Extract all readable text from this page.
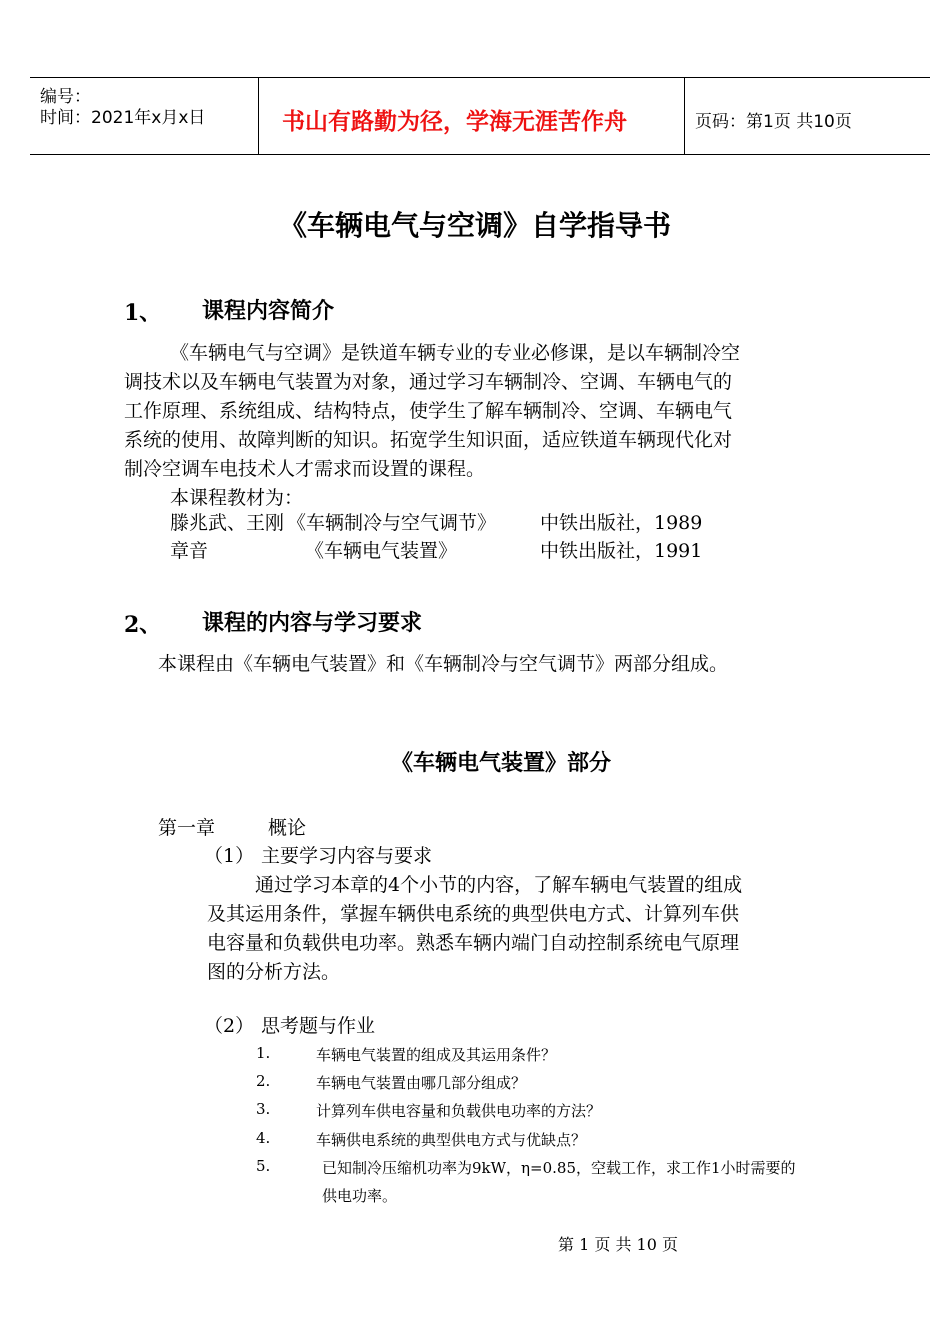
编号：
时间：2021年x月x日	书山有路勤为径，学海无涯苦作舟	页码：第1页 共10页
《车辆电气与空调》自学指导书
1、 课程内容简介
《车辆电气与空调》是铁道车辆专业的专业必修课，是以车辆制冷空
调技术以及车辆电气装置为对象，通过学习车辆制冷、空调、车辆电气的
工作原理、系统组成、结构特点，使学生了解车辆制冷、空调、车辆电气
系统的使用、故障判断的知识。拓宽学生知识面，适应铁道车辆现代化对
制冷空调车电技术人才需求而设置的课程。
本课程教材为：
滕兆武、王刚 《车辆制冷与空气调节》 中铁出版社，1989
章音	《车辆电气装置》	中铁出版社，1991
2、 课程的内容与学习要求
本课程由《车辆电气装置》和《车辆制冷与空气调节》两部分组成。
《车辆电气装置》部分
第一章	概论
（1） 主要学习内容与要求
通过学习本章的4个小节的内容，了解车辆电气装置的组成
及其运用条件，掌握车辆供电系统的典型供电方式、计算列车供
电容量和负载供电功率。熟悉车辆内端门自动控制系统电气原理
图的分析方法。
（2） 思考题与作业
1.	车辆电气装置的组成及其运用条件？
2.	车辆电气装置由哪几部分组成？
3.	计算列车供电容量和负载供电功率的方法？
4.	车辆供电系统的典型供电方式与优缺点？
5.	已知制冷压缩机功率为9kW，η=0.85，空载工作，求工作1小时需要的
供电功率。
第 1 页 共 10 页
